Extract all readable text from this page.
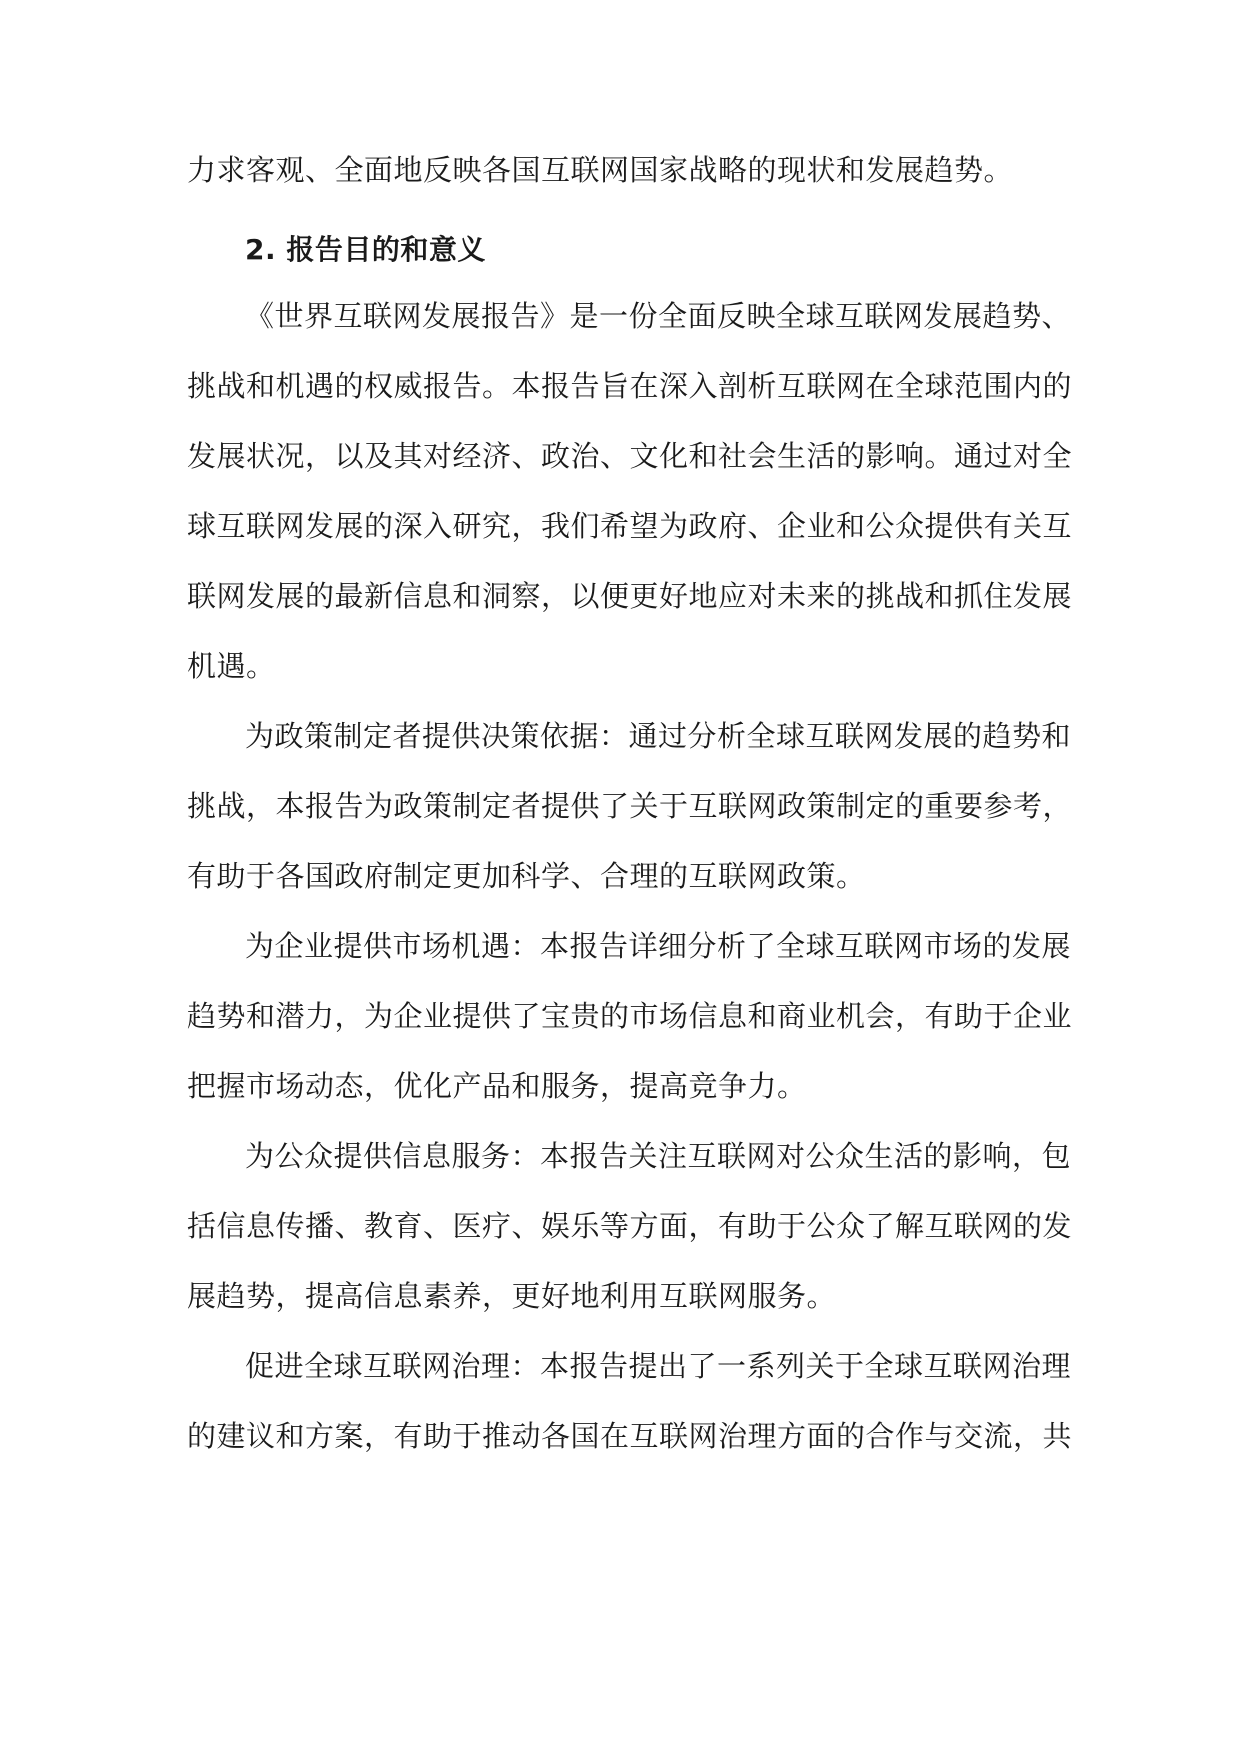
力求客观、全面地反映各国互联网国家战略的现状和发展趋势。
2. 报告目的和意义
《世界互联网发展报告》是一份全面反映全球互联网发展趋势、
挑战和机遇的权威报告。本报告旨在深入剖析互联网在全球范围内的
发展状况，以及其对经济、政治、文化和社会生活的影响。通过对全
球互联网发展的深入研究，我们希望为政府、企业和公众提供有关互
联网发展的最新信息和洞察，以便更好地应对未来的挑战和抓住发展
机遇。
为政策制定者提供决策依据：通过分析全球互联网发展的趋势和
挑战，本报告为政策制定者提供了关于互联网政策制定的重要参考，
有助于各国政府制定更加科学、合理的互联网政策。
为企业提供市场机遇：本报告详细分析了全球互联网市场的发展
趋势和潜力，为企业提供了宝贵的市场信息和商业机会，有助于企业
把握市场动态，优化产品和服务，提高竞争力。
为公众提供信息服务：本报告关注互联网对公众生活的影响，包
括信息传播、教育、医疗、娱乐等方面，有助于公众了解互联网的发
展趋势，提高信息素养，更好地利用互联网服务。
促进全球互联网治理：本报告提出了一系列关于全球互联网治理
的建议和方案，有助于推动各国在互联网治理方面的合作与交流，共
